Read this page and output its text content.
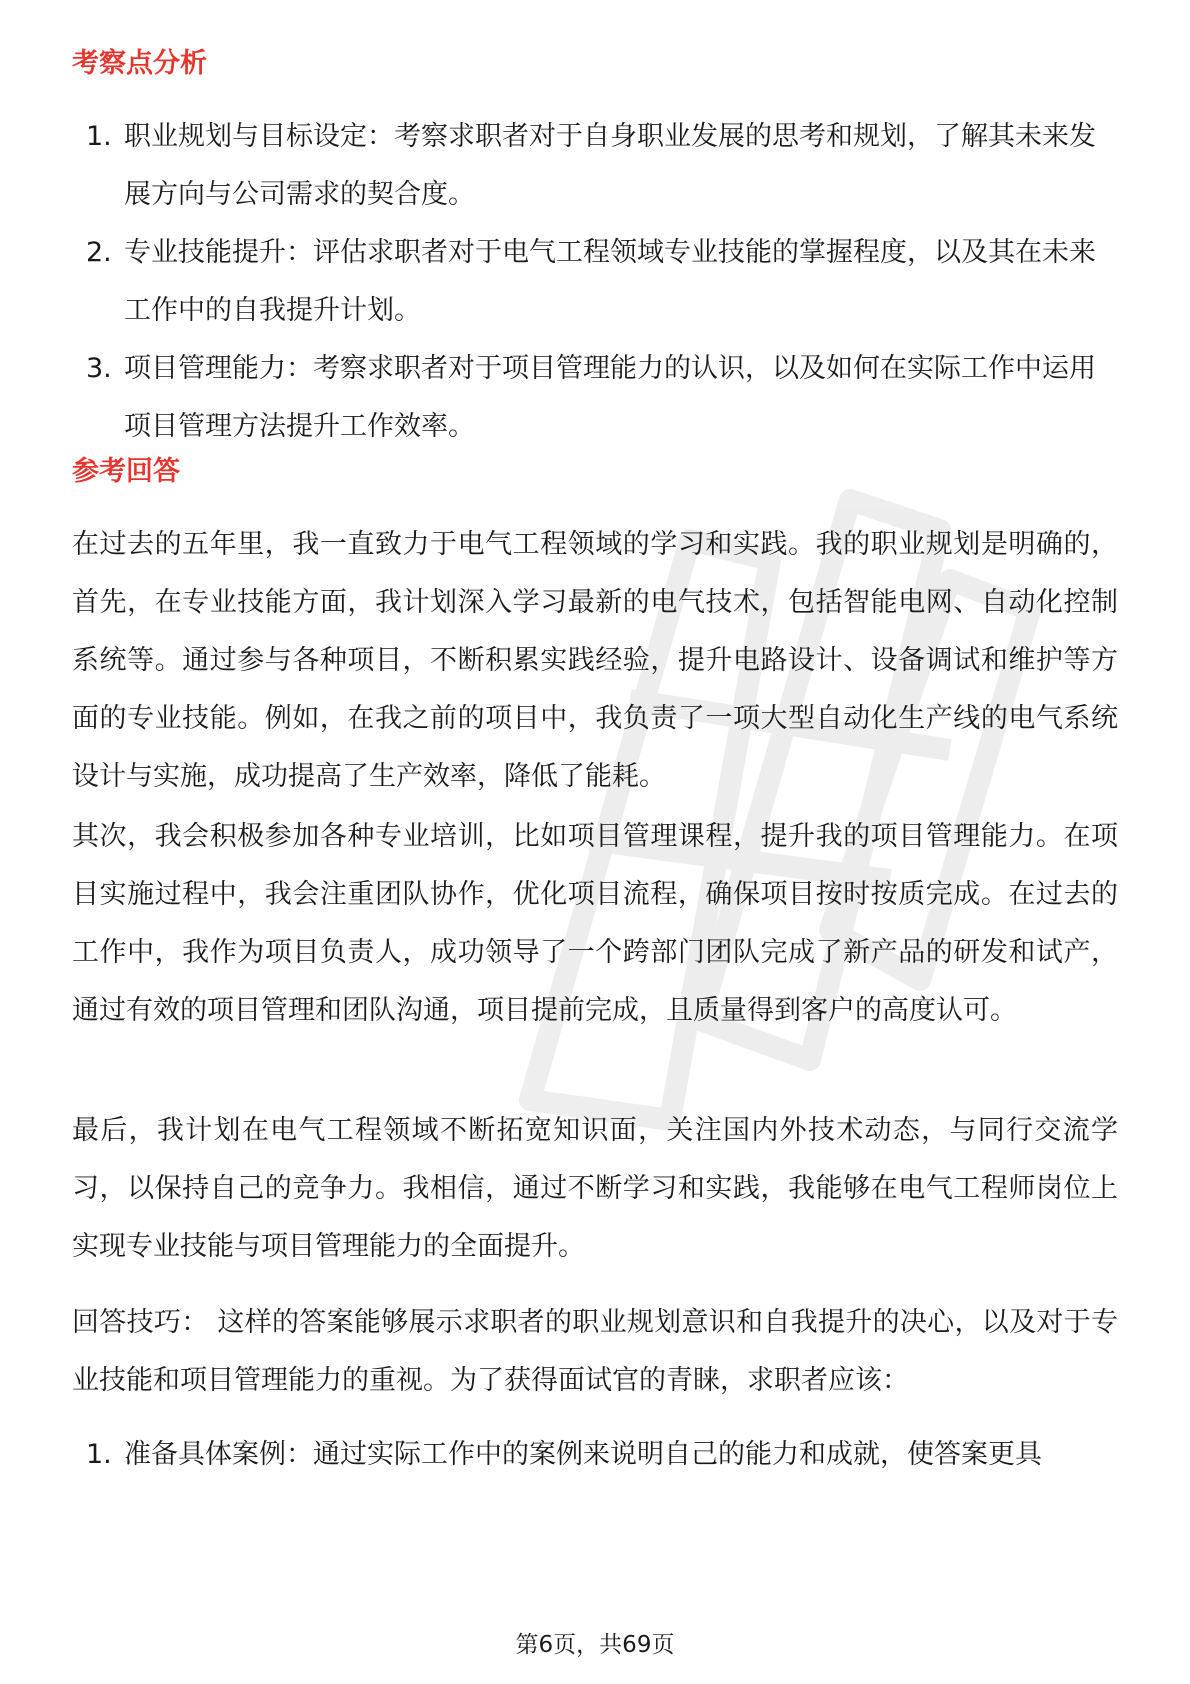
考察点分析
1. 职业规划与目标设定：考察求职者对于自身职业发展的思考和规划，了解其未来发展方向与公司需求的契合度。
2. 专业技能提升：评估求职者对于电气工程领域专业技能的掌握程度，以及其在未来工作中的自我提升计划。
3. 项目管理能力：考察求职者对于项目管理能力的认识，以及如何在实际工作中运用项目管理方法提升工作效率。
参考回答

在过去的五年里，我一直致力于电气工程领域的学习和实践。我的职业规划是明确的，首先，在专业技能方面，我计划深入学习最新的电气技术，包括智能电网、自动化控制系统等。通过参与各种项目，不断积累实践经验，提升电路设计、设备调试和维护等方面的专业技能。例如，在我之前的项目中，我负责了一项大型自动化生产线的电气系统设计与实施，成功提高了生产效率，降低了能耗。

其次，我会积极参加各种专业培训，比如项目管理课程，提升我的项目管理能力。在项目实施过程中，我会注重团队协作，优化项目流程，确保项目按时按质完成。在过去的工作中，我作为项目负责人，成功领导了一个跨部门团队完成了新产品的研发和试产，通过有效的项目管理和团队沟通，项目提前完成，且质量得到客户的高度认可。

最后，我计划在电气工程领域不断拓宽知识面，关注国内外技术动态，与同行交流学习，以保持自己的竞争力。我相信，通过不断学习和实践，我能够在电气工程师岗位上实现专业技能与项目管理能力的全面提升。

回答技巧： 这样的答案能够展示求职者的职业规划意识和自我提升的决心，以及对于专业技能和项目管理能力的重视。为了获得面试官的青睐，求职者应该：

1. 准备具体案例：通过实际工作中的案例来说明自己的能力和成就，使答案更具
第6页，共69页
